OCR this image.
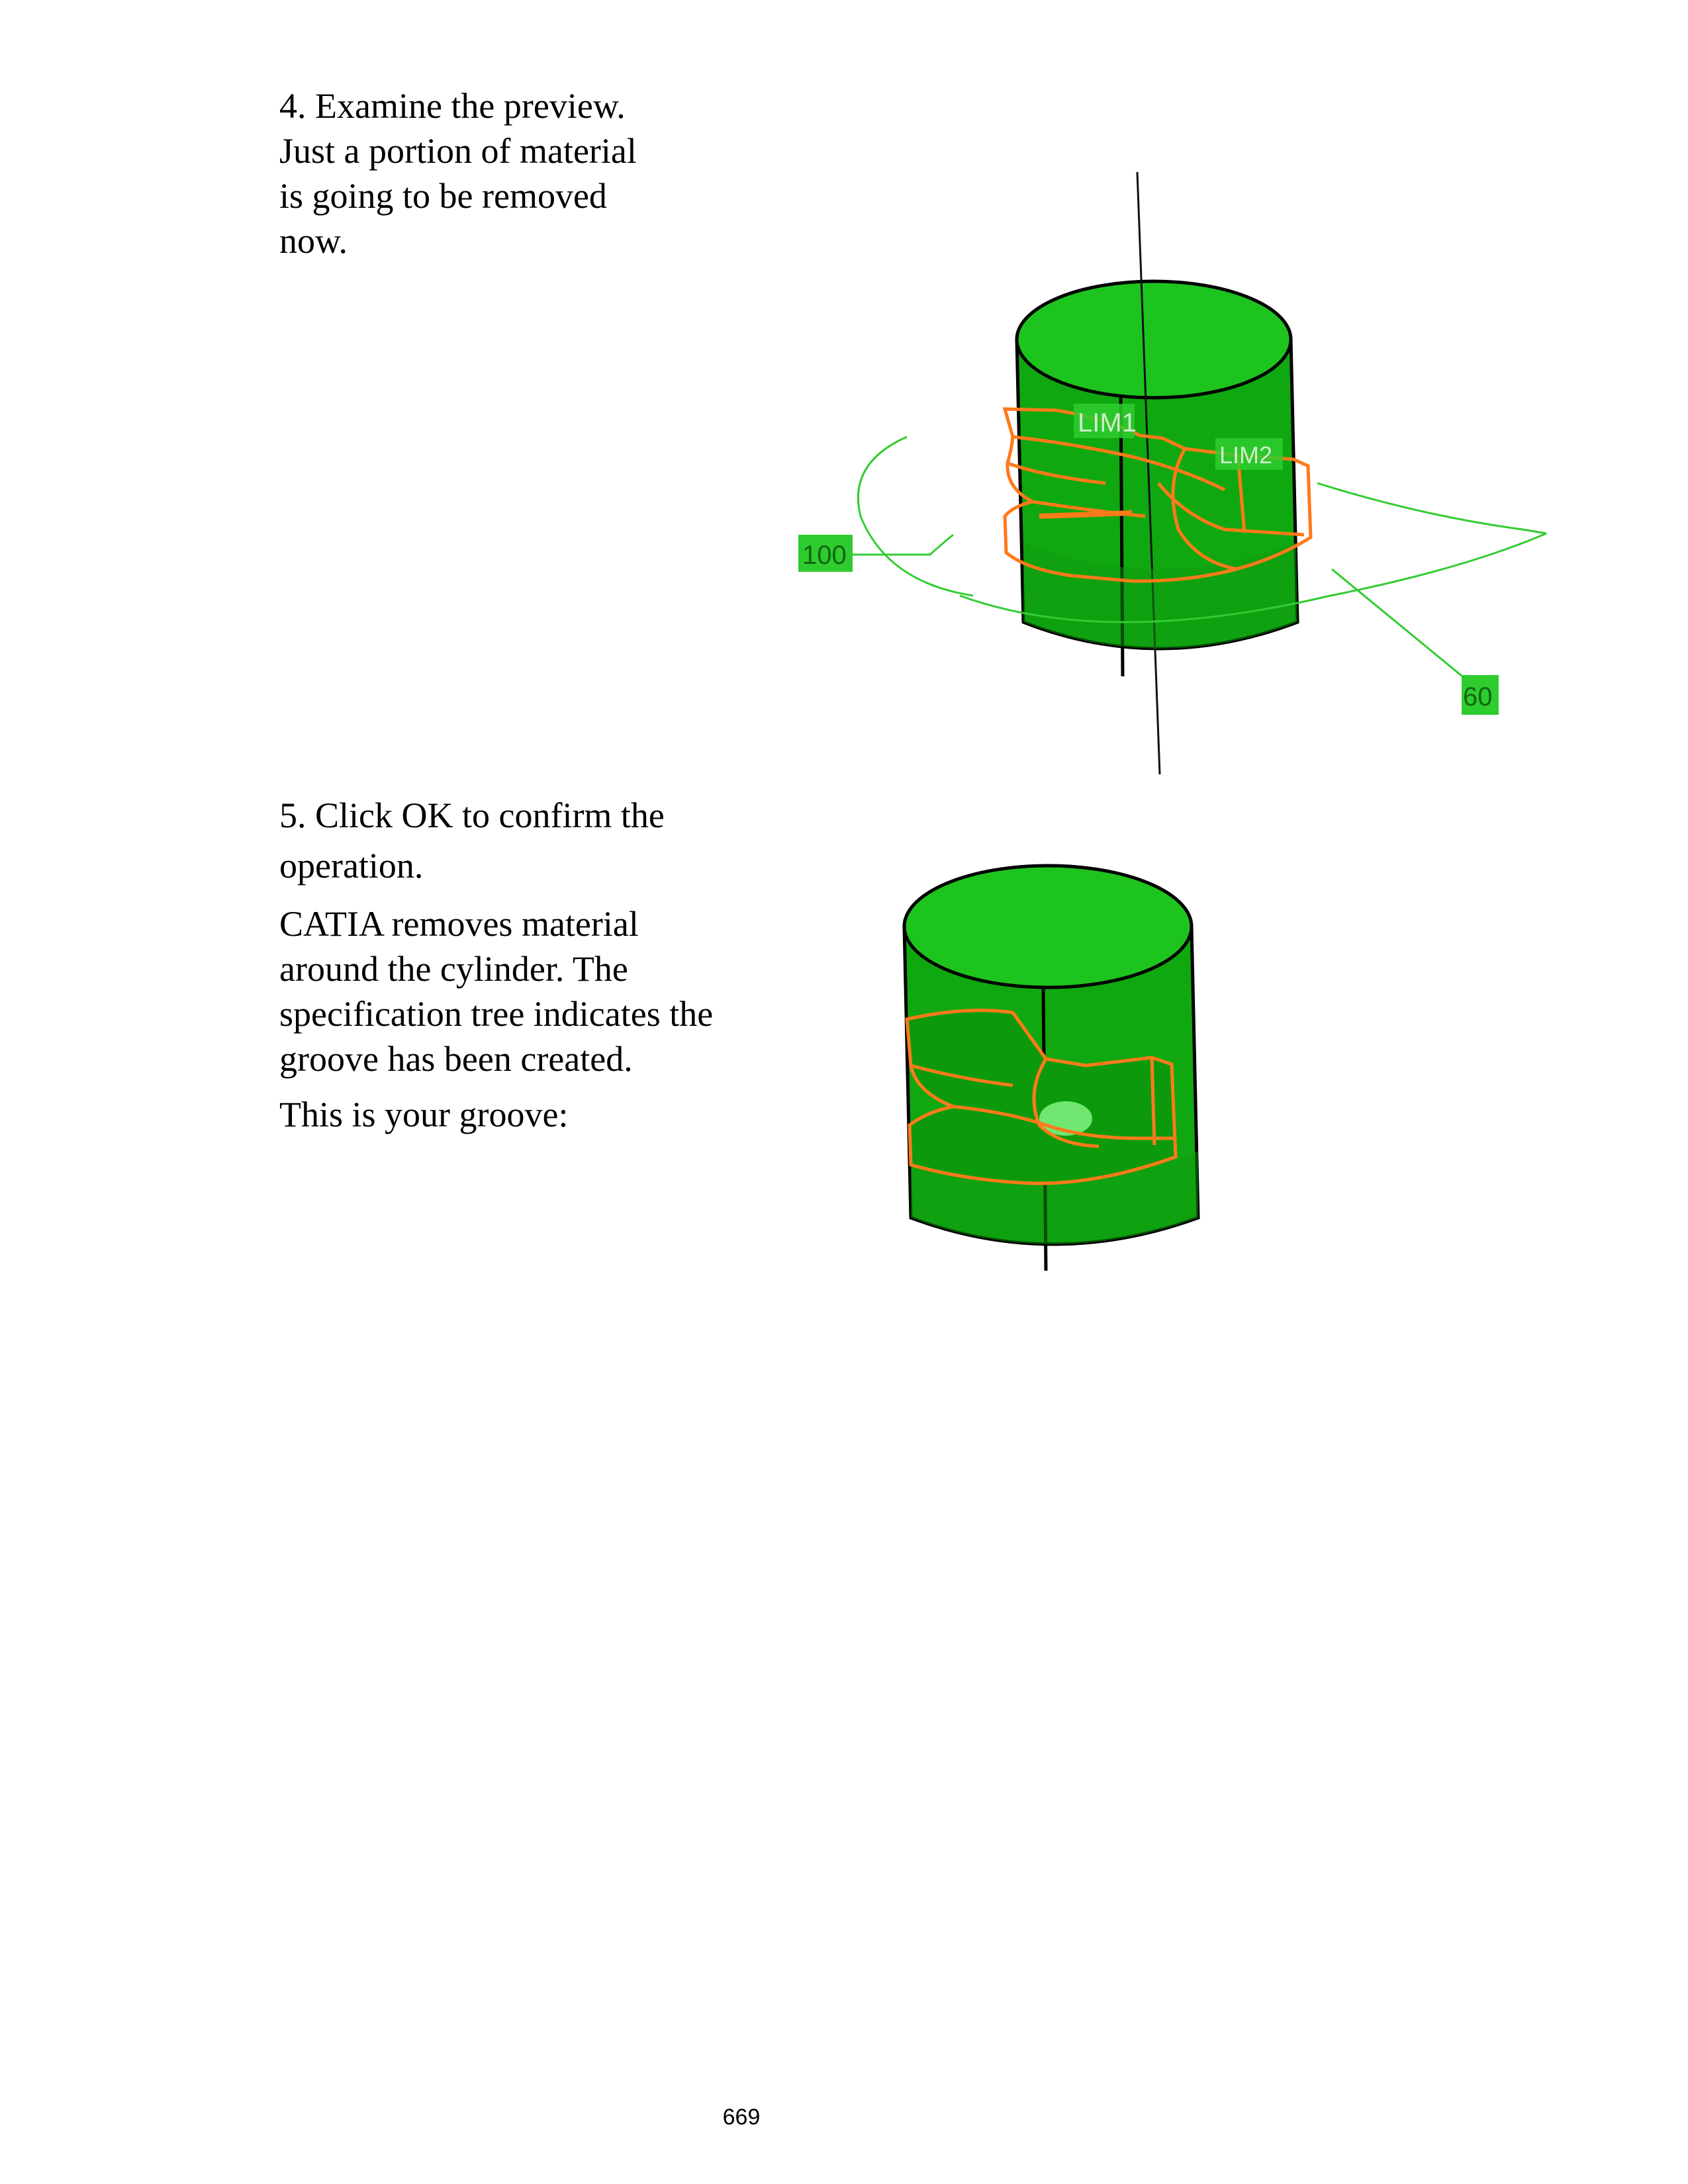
4. Examine the preview.

Just a portion of material

is going to be removed

now.

LIM1
LIM2
100
60

5. Click OK to confirm the

operation.

CATIA removes material

around the cylinder. The

specification tree indicates the

groove has been created.

This is your groove:

669
